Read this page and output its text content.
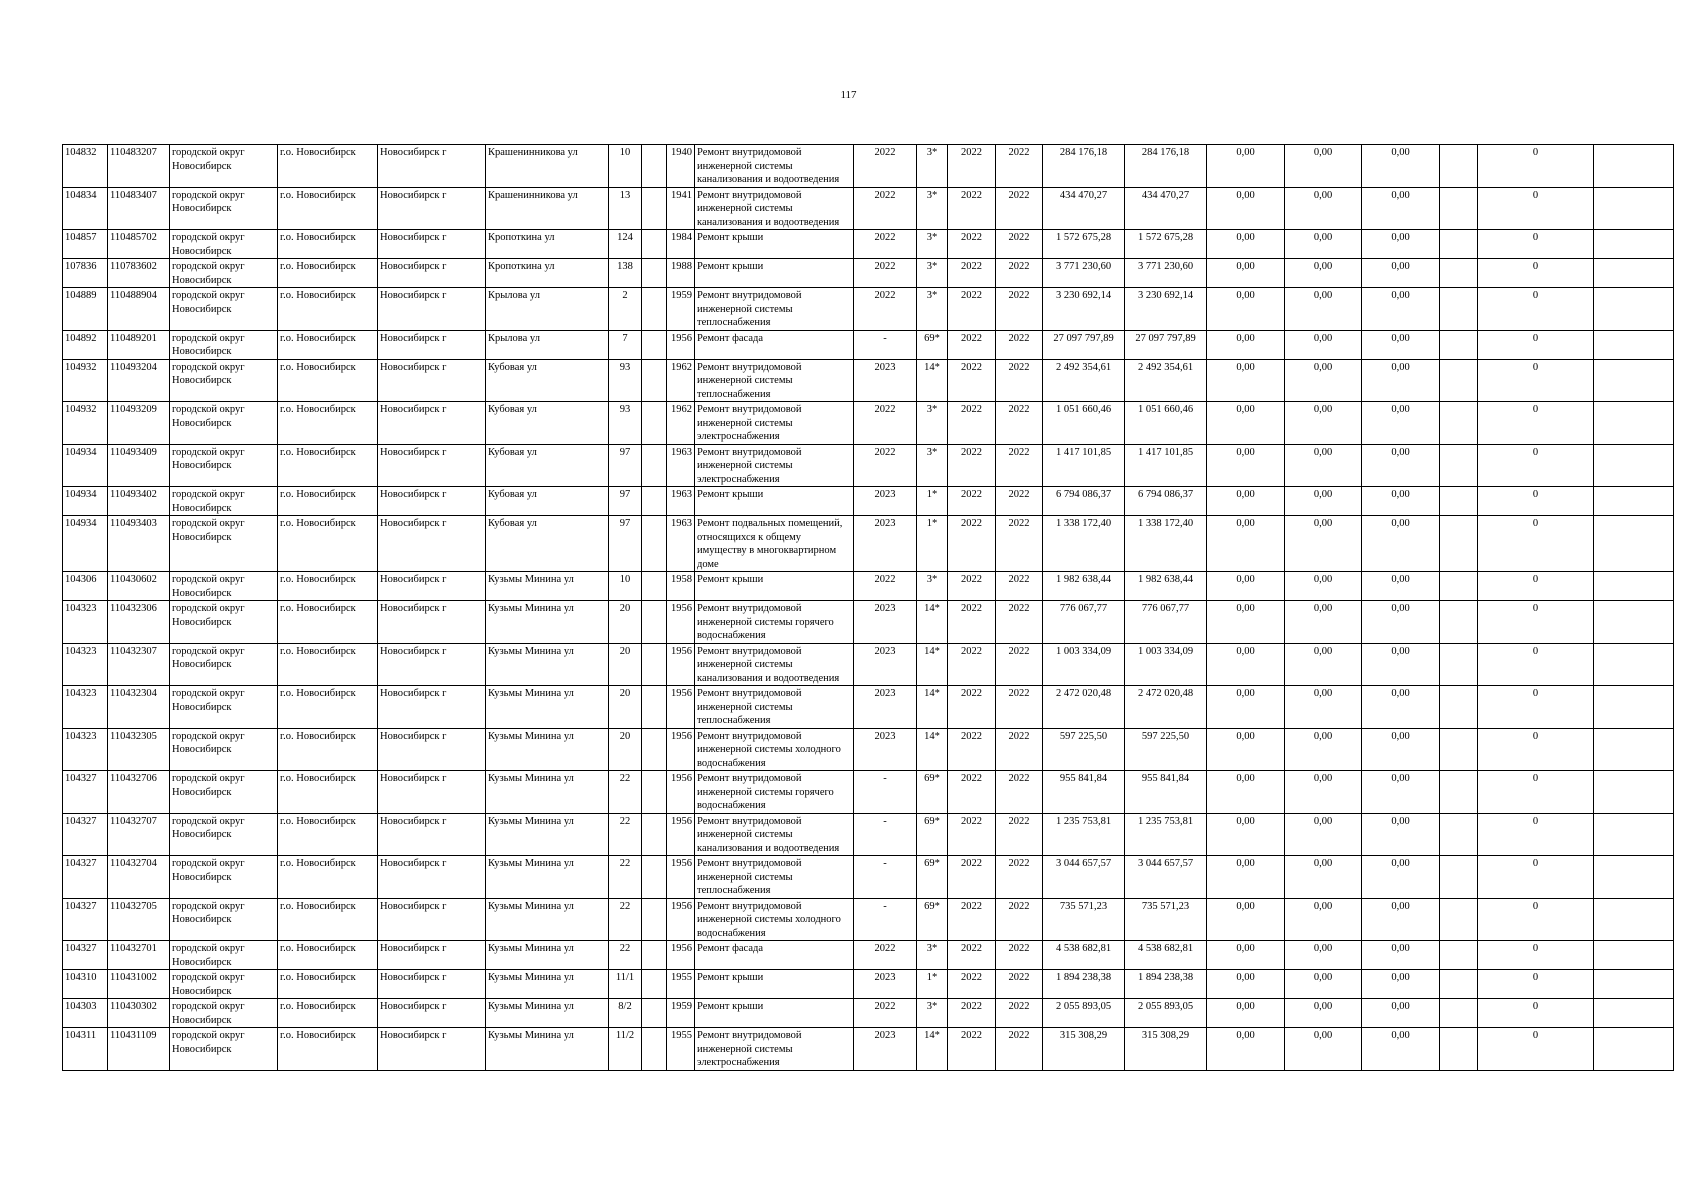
117
104832	110483207	городской округ Новосибирск	г.о. Новосибирск	Новосибирск г	Крашенинникова ул	10		1940	Ремонт внутридомовой инженерной системы канализования и водоотведения	2022	3*	2022	2022	284 176,18	284 176,18	0,00	0,00	0,00		0	
104834	110483407	городской округ Новосибирск	г.о. Новосибирск	Новосибирск г	Крашенинникова ул	13		1941	Ремонт внутридомовой инженерной системы канализования и водоотведения	2022	3*	2022	2022	434 470,27	434 470,27	0,00	0,00	0,00		0	
104857	110485702	городской округ Новосибирск	г.о. Новосибирск	Новосибирск г	Кропоткина ул	124		1984	Ремонт крыши	2022	3*	2022	2022	1 572 675,28	1 572 675,28	0,00	0,00	0,00		0	
107836	110783602	городской округ Новосибирск	г.о. Новосибирск	Новосибирск г	Кропоткина ул	138		1988	Ремонт крыши	2022	3*	2022	2022	3 771 230,60	3 771 230,60	0,00	0,00	0,00		0	
104889	110488904	городской округ Новосибирск	г.о. Новосибирск	Новосибирск г	Крылова ул	2		1959	Ремонт внутридомовой инженерной системы теплоснабжения	2022	3*	2022	2022	3 230 692,14	3 230 692,14	0,00	0,00	0,00		0	
104892	110489201	городской округ Новосибирск	г.о. Новосибирск	Новосибирск г	Крылова ул	7		1956	Ремонт фасада	-	69*	2022	2022	27 097 797,89	27 097 797,89	0,00	0,00	0,00		0	
104932	110493204	городской округ Новосибирск	г.о. Новосибирск	Новосибирск г	Кубовая ул	93		1962	Ремонт внутридомовой инженерной системы теплоснабжения	2023	14*	2022	2022	2 492 354,61	2 492 354,61	0,00	0,00	0,00		0	
104932	110493209	городской округ Новосибирск	г.о. Новосибирск	Новосибирск г	Кубовая ул	93		1962	Ремонт внутридомовой инженерной системы электроснабжения	2022	3*	2022	2022	1 051 660,46	1 051 660,46	0,00	0,00	0,00		0	
104934	110493409	городской округ Новосибирск	г.о. Новосибирск	Новосибирск г	Кубовая ул	97		1963	Ремонт внутридомовой инженерной системы электроснабжения	2022	3*	2022	2022	1 417 101,85	1 417 101,85	0,00	0,00	0,00		0	
104934	110493402	городской округ Новосибирск	г.о. Новосибирск	Новосибирск г	Кубовая ул	97		1963	Ремонт крыши	2023	1*	2022	2022	6 794 086,37	6 794 086,37	0,00	0,00	0,00		0	
104934	110493403	городской округ Новосибирск	г.о. Новосибирск	Новосибирск г	Кубовая ул	97		1963	Ремонт подвальных помещений, относящихся к общему имуществу в многоквартирном доме	2023	1*	2022	2022	1 338 172,40	1 338 172,40	0,00	0,00	0,00		0	
104306	110430602	городской округ Новосибирск	г.о. Новосибирск	Новосибирск г	Кузьмы Минина ул	10		1958	Ремонт крыши	2022	3*	2022	2022	1 982 638,44	1 982 638,44	0,00	0,00	0,00		0	
104323	110432306	городской округ Новосибирск	г.о. Новосибирск	Новосибирск г	Кузьмы Минина ул	20		1956	Ремонт внутридомовой инженерной системы горячего водоснабжения	2023	14*	2022	2022	776 067,77	776 067,77	0,00	0,00	0,00		0	
104323	110432307	городской округ Новосибирск	г.о. Новосибирск	Новосибирск г	Кузьмы Минина ул	20		1956	Ремонт внутридомовой инженерной системы канализования и водоотведения	2023	14*	2022	2022	1 003 334,09	1 003 334,09	0,00	0,00	0,00		0	
104323	110432304	городской округ Новосибирск	г.о. Новосибирск	Новосибирск г	Кузьмы Минина ул	20		1956	Ремонт внутридомовой инженерной системы теплоснабжения	2023	14*	2022	2022	2 472 020,48	2 472 020,48	0,00	0,00	0,00		0	
104323	110432305	городской округ Новосибирск	г.о. Новосибирск	Новосибирск г	Кузьмы Минина ул	20		1956	Ремонт внутридомовой инженерной системы холодного водоснабжения	2023	14*	2022	2022	597 225,50	597 225,50	0,00	0,00	0,00		0	
104327	110432706	городской округ Новосибирск	г.о. Новосибирск	Новосибирск г	Кузьмы Минина ул	22		1956	Ремонт внутридомовой инженерной системы горячего водоснабжения	-	69*	2022	2022	955 841,84	955 841,84	0,00	0,00	0,00		0	
104327	110432707	городской округ Новосибирск	г.о. Новосибирск	Новосибирск г	Кузьмы Минина ул	22		1956	Ремонт внутридомовой инженерной системы канализования и водоотведения	-	69*	2022	2022	1 235 753,81	1 235 753,81	0,00	0,00	0,00		0	
104327	110432704	городской округ Новосибирск	г.о. Новосибирск	Новосибирск г	Кузьмы Минина ул	22		1956	Ремонт внутридомовой инженерной системы теплоснабжения	-	69*	2022	2022	3 044 657,57	3 044 657,57	0,00	0,00	0,00		0	
104327	110432705	городской округ Новосибирск	г.о. Новосибирск	Новосибирск г	Кузьмы Минина ул	22		1956	Ремонт внутридомовой инженерной системы холодного водоснабжения	-	69*	2022	2022	735 571,23	735 571,23	0,00	0,00	0,00		0	
104327	110432701	городской округ Новосибирск	г.о. Новосибирск	Новосибирск г	Кузьмы Минина ул	22		1956	Ремонт фасада	2022	3*	2022	2022	4 538 682,81	4 538 682,81	0,00	0,00	0,00		0	
104310	110431002	городской округ Новосибирск	г.о. Новосибирск	Новосибирск г	Кузьмы Минина ул	11/1		1955	Ремонт крыши	2023	1*	2022	2022	1 894 238,38	1 894 238,38	0,00	0,00	0,00		0	
104303	110430302	городской округ Новосибирск	г.о. Новосибирск	Новосибирск г	Кузьмы Минина ул	8/2		1959	Ремонт крыши	2022	3*	2022	2022	2 055 893,05	2 055 893,05	0,00	0,00	0,00		0	
104311	110431109	городской округ Новосибирск	г.о. Новосибирск	Новосибирск г	Кузьмы Минина ул	11/2		1955	Ремонт внутридомовой инженерной системы электроснабжения	2023	14*	2022	2022	315 308,29	315 308,29	0,00	0,00	0,00		0	
